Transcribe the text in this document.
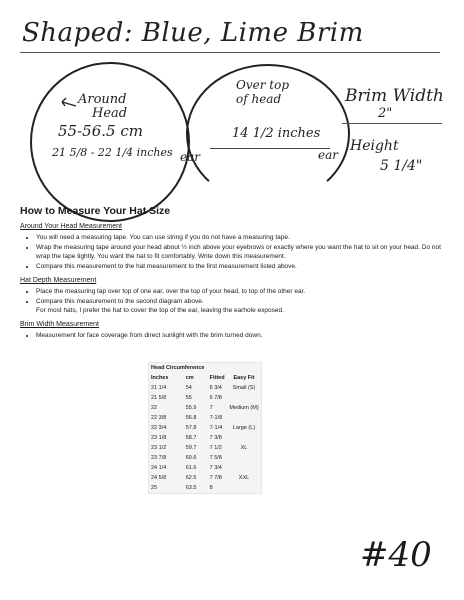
Shaped: Blue, Lime Brim
Around
Head
55-56.5 cm
21 5/8 - 22 1/4 inches
Over top
of head
14 1/2 inches
ear	ear
Brim Width
2"
Height
5 1/4"
How to Measure Your Hat Size
Around Your Head Measurement
• You will need a measuring tape. You can use string if you do not have a measuring tape.
• Wrap the measuring tape around your head about ½ inch above your eyebrows or exactly where you want the hat to sit on your head. Do not wrap the tape tightly. You want the hat to fit comfortably. Write down this measurement.
• Compare this measurement to the hat measurement to the first measurement listed above.
Hat Depth Measurement
• Place the measuring tap over top of one ear, over the top of your head, to top of the other ear.
• Compare this measurement to the second diagram above.
For most hats, I prefer the hat to cover the top of the ear, leaving the earhole exposed.
Brim Width Measurement
• Measurement for face coverage from direct sunlight with the brim turned down.
Head Circumference			
Inches	cm	Fitted	Easy Fit
21 1/4	54	6 3/4	Small (S)
21 5/8	55	6 7/8	
22	55.9	7	Medium (M)
22 3/8	56.8	7-1/8	
22 3/4	57.8	7-1/4	Large (L)
23 1/8	58.7	7 3/8	
23 1/2	59.7	7 1/2	XL
23 7/8	60.6	7 5/8	
24 1/4	61.6	7 3/4	
24 5/8	62.5	7 7/8	XXL
25	63.5	8	
#40
